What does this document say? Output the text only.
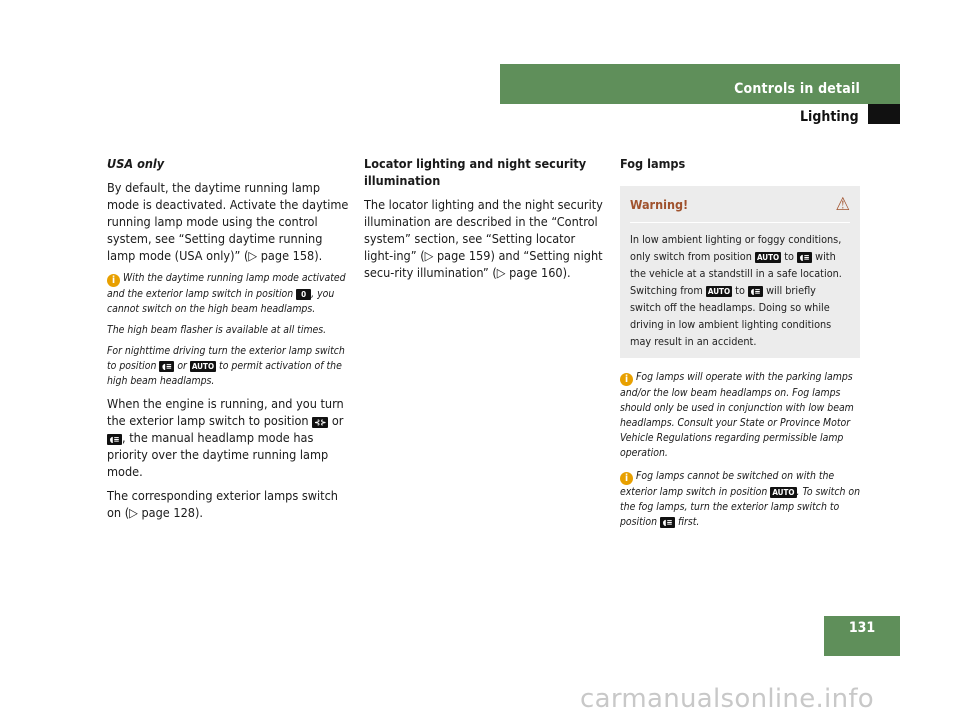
Controls in detail
Lighting

USA only

By default, the daytime running lamp mode is deactivated. Activate the daytime running lamp mode using the control system, see “Setting daytime running lamp mode (USA only)” (▷ page 158).

i With the daytime running lamp mode activated and the exterior lamp switch in position 0 , you cannot switch on the high beam headlamps.

The high beam flasher is available at all times.

For nighttime driving turn the exterior lamp switch to position ◖≡ or AUTO to permit activation of the high beam headlamps.

When the engine is running, and you turn the exterior lamp switch to position ⊰⊱ or ◖≡ , the manual headlamp mode has priority over the daytime running lamp mode.

The corresponding exterior lamps switch on (▷ page 128).

Locator lighting and night security illumination

The locator lighting and the night security illumination are described in the “Control system” section, see “Setting locator light-ing” (▷ page 159) and “Setting night secu-rity illumination” (▷ page 160).

Fog lamps

Warning!	⚠
In low ambient lighting or foggy conditions, only switch from position AUTO to ◖≡ with the vehicle at a standstill in a safe location. Switching from AUTO to ◖≡ will briefly switch off the headlamps. Doing so while driving in low ambient lighting conditions may result in an accident.

i Fog lamps will operate with the parking lamps and/or the low beam headlamps on. Fog lamps should only be used in conjunction with low beam headlamps. Consult your State or Province Motor Vehicle Regulations regarding permissible lamp operation.

i Fog lamps cannot be switched on with the exterior lamp switch in position AUTO . To switch on the fog lamps, turn the exterior lamp switch to position ◖≡ first.

131
carmanualsonline.info
